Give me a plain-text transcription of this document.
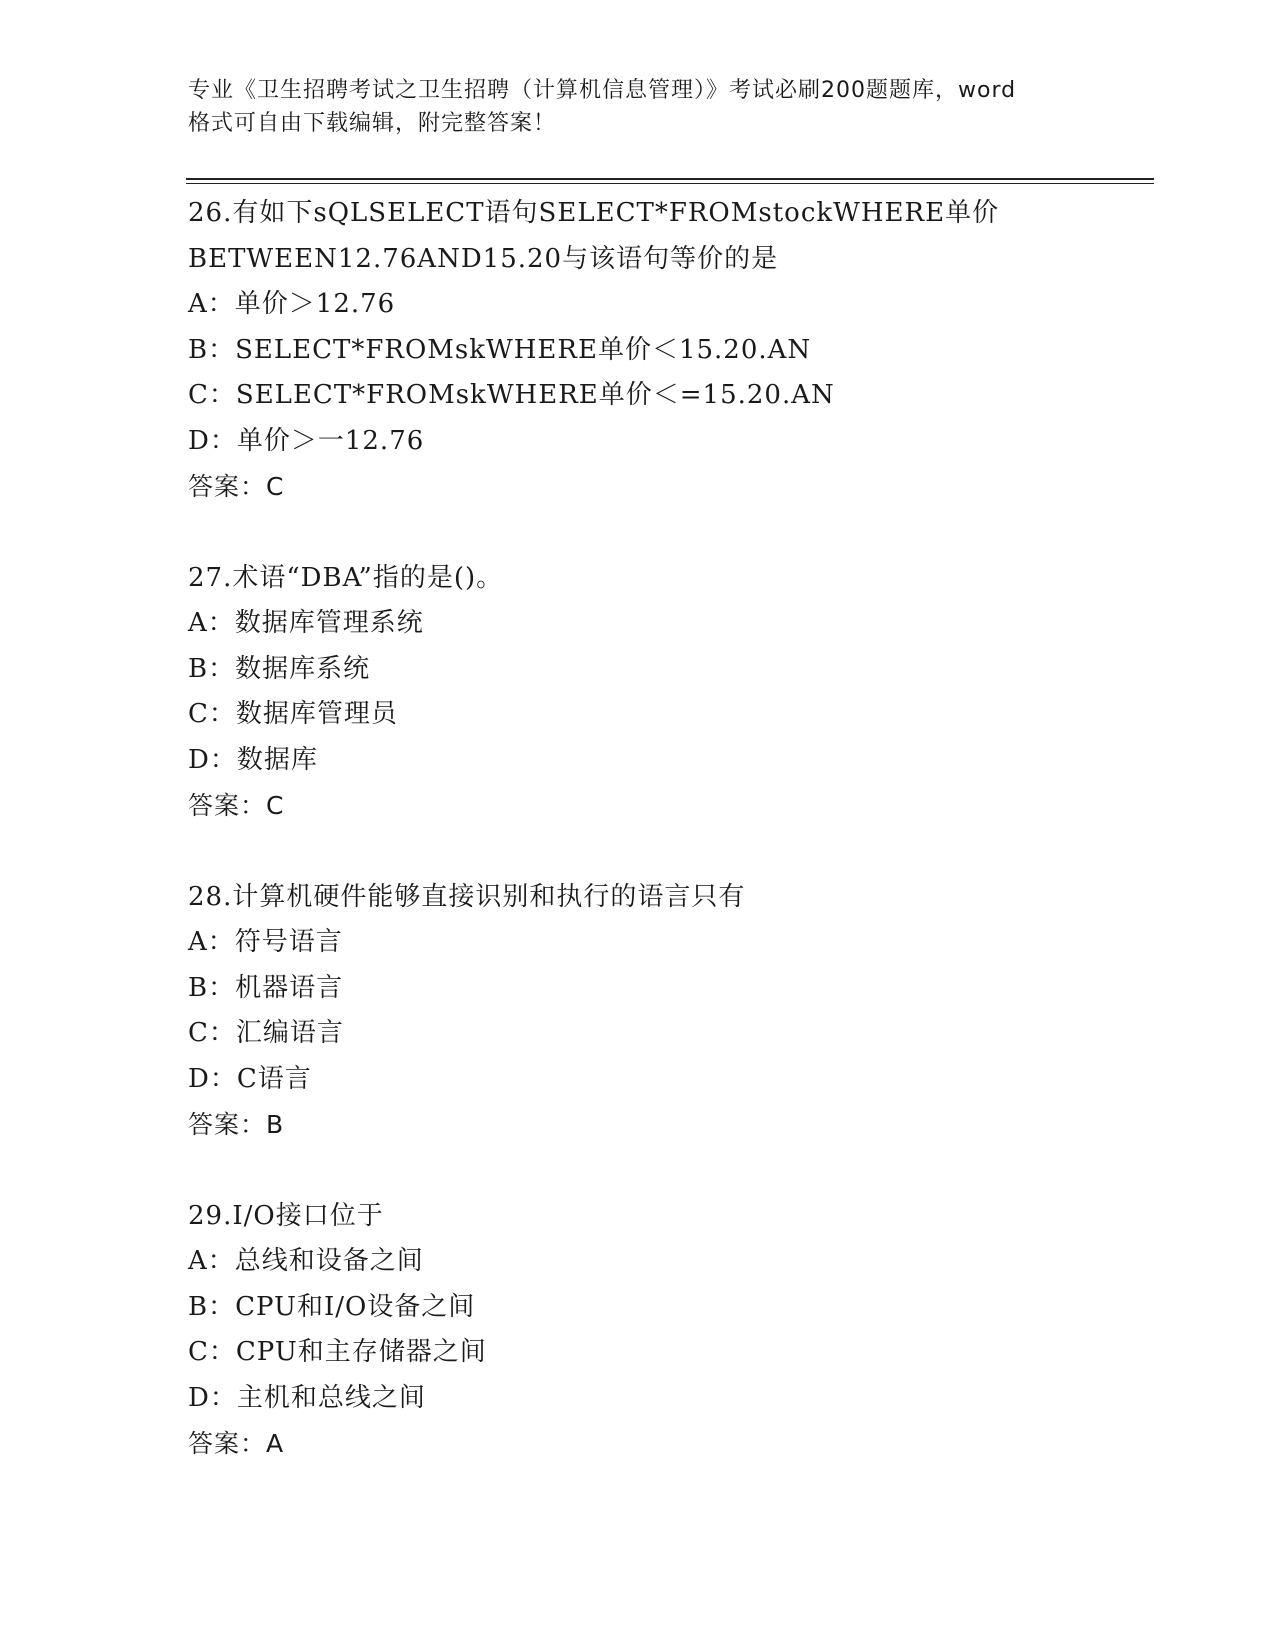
专业《卫生招聘考试之卫生招聘（计算机信息管理）》考试必刷200题题库，word
格式可自由下载编辑，附完整答案！
26.有如下sQLSELECT语句SELECT*FROMstockWHERE单价
BETWEEN12.76AND15.20与该语句等价的是
A：单价＞12.76
B：SELECT*FROMskWHERE单价＜15.20.AN
C：SELECT*FROMskWHERE单价＜=15.20.AN
D：单价＞一12.76
答案：C
27.术语“DBA”指的是()。
A：数据库管理系统
B：数据库系统
C：数据库管理员
D：数据库
答案：C
28.计算机硬件能够直接识别和执行的语言只有
A：符号语言
B：机器语言
C：汇编语言
D：C语言
答案：B
29.I/O接口位于
A：总线和设备之间
B：CPU和I/O设备之间
C：CPU和主存储器之间
D：主机和总线之间
答案：A
